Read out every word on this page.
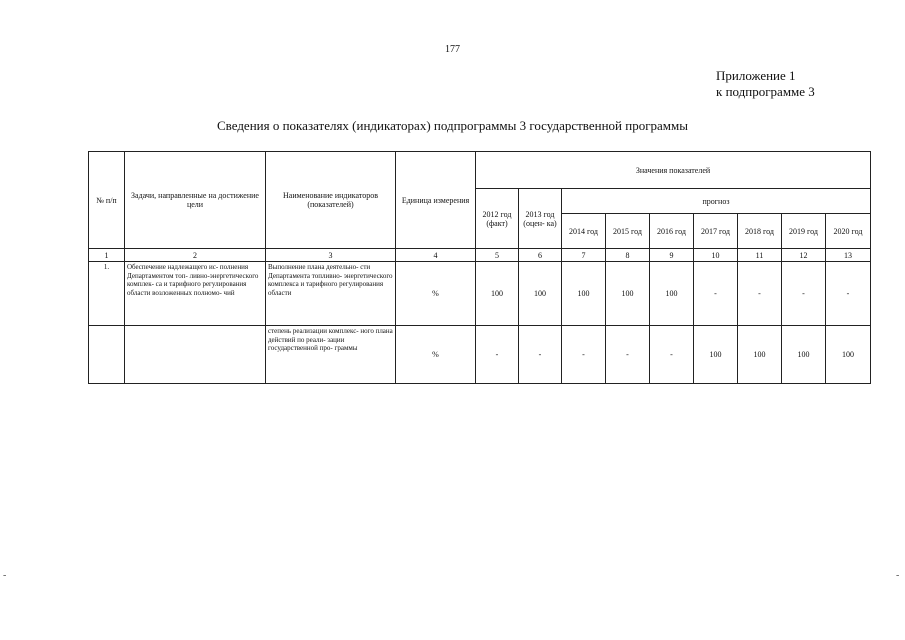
177
Приложение 1
к подпрограмме 3
Сведения о показателях (индикаторах) подпрограммы 3 государственной программы
№ п/п	Задачи, направленные на достижение цели	Наименование индикаторов (показателей)	Единица измерения	Значения показателей								
				2012 год (факт)	2013 год (оцен- ка)	прогноз						
						2014 год	2015 год	2016 год	2017 год	2018 год	2019 год	2020 год
1	2	3	4	5	6	7	8	9	10	11	12	13
1.	Обеспечение надлежащего ис- полнения Департаментом топ- ливно-энергетического комплек- са и тарифного регулирования области возложенных полномо- чий	Выполнение плана деятельно- сти Департамента топливно- энергетического комплекса и тарифного регулирования области	%	100	100	100	100	100	-	-	-	-
		степень реализации комплекс- ного плана действий по реали- зации государственной про- граммы	%	-	-	-	-	-	100	100	100	100
-	-
